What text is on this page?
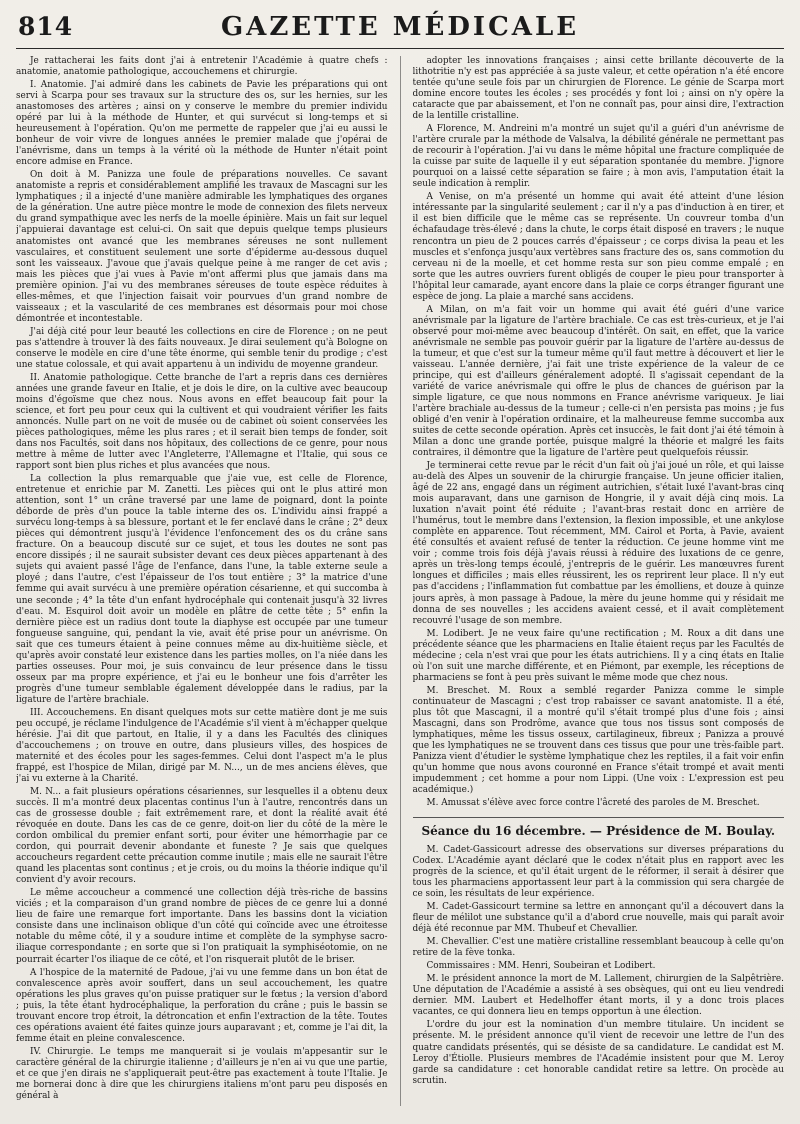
814	GAZETTE MÉDICALE

Je rattacherai les faits dont j'ai à entretenir l'Académie à quatre chefs : anatomie, anatomie pathologique, accouchemens et chirurgie.

I. Anatomie. J'ai admiré dans les cabinets de Pavie les préparations qui ont servi à Scarpa pour ses travaux sur la structure des os, sur les hernies, sur les anastomoses des artères ; ainsi on y conserve le membre du premier individu opéré par lui à la méthode de Hunter, et qui survécut si long-temps et si heureusement à l'opération. Qu'on me permette de rappeler que j'ai eu aussi le bonheur de voir vivre de longues années le premier malade que j'opérai de l'anévrisme, dans un temps à la vérité où la méthode de Hunter n'était point encore admise en France.

On doit à M. Panizza une foule de préparations nouvelles. Ce savant anatomiste a repris et considérablement amplifié les travaux de Mascagni sur les lymphatiques ; il a injecté d'une manière admirable les lymphatiques des organes de la génération. Une autre pièce montre le mode de connexion des filets nerveux du grand sympathique avec les nerfs de la moelle épinière. Mais un fait sur lequel j'appuierai davantage est celui-ci. On sait que depuis quelque temps plusieurs anatomistes ont avancé que les membranes séreuses ne sont nullement vasculaires, et constituent seulement une sorte d'épiderme au-dessous duquel sont les vaisseaux. J'avoue que j'avais quelque peine à me ranger de cet avis ; mais les pièces que j'ai vues à Pavie m'ont affermi plus que jamais dans ma première opinion. J'ai vu des membranes séreuses de toute espèce réduites à elles-mêmes, et que l'injection faisait voir pourvues d'un grand nombre de vaisseaux ; et la vascularité de ces membranes est désormais pour moi chose démontrée et incontestable.

J'ai déjà cité pour leur beauté les collections en cire de Florence ; on ne peut pas s'attendre à trouver là des faits nouveaux. Je dirai seulement qu'à Bologne on conserve le modèle en cire d'une tête énorme, qui semble tenir du prodige ; c'est une statue colossale, et qui avait appartenu à un individu de moyenne grandeur.

II. Anatomie pathologique. Cette branche de l'art a repris dans ces dernières années une grande faveur en Italie, et je dois le dire, on la cultive avec beaucoup moins d'égoïsme que chez nous. Nous avons en effet beaucoup fait pour la science, et fort peu pour ceux qui la cultivent et qui voudraient vérifier les faits annoncés. Nulle part on ne voit de musée ou de cabinet où soient conservées les pièces pathologiques, même les plus rares ; et il serait bien temps de fonder, soit dans nos Facultés, soit dans nos hôpitaux, des collections de ce genre, pour nous mettre à même de lutter avec l'Angleterre, l'Allemagne et l'Italie, qui sous ce rapport sont bien plus riches et plus avancées que nous.

La collection la plus remarquable que j'aie vue, est celle de Florence, entretenue et enrichie par M. Zanetti. Les pièces qui ont le plus attiré mon attention, sont 1° un crâne traversé par une lame de poignard, dont la pointe déborde de près d'un pouce la table interne des os. L'individu ainsi frappé a survécu long-temps à sa blessure, portant et le fer enclavé dans le crâne ; 2° deux pièces qui démontrent jusqu'à l'évidence l'enfoncement des os du crâne sans fracture. On a beaucoup discuté sur ce sujet, et tous les doutes ne sont pas encore dissipés ; il ne saurait subsister devant ces deux pièces appartenant à des sujets qui avaient passé l'âge de l'enfance, dans l'une, la table externe seule a ployé ; dans l'autre, c'est l'épaisseur de l'os tout entière ; 3° la matrice d'une femme qui avait survécu à une première opération césarienne, et qui succomba à une seconde ; 4° la tête d'un enfant hydrocéphale qui contenait jusqu'à 32 livres d'eau. M. Esquirol doit avoir un modèle en plâtre de cette tête ; 5° enfin la dernière pièce est un radius dont toute la diaphyse est occupée par une tumeur fongueuse sanguine, qui, pendant la vie, avait été prise pour un anévrisme. On sait que ces tumeurs étaient à peine connues même au dix-huitième siècle, et qu'après avoir constaté leur existence dans les parties molles, on l'a niée dans les parties osseuses. Pour moi, je suis convaincu de leur présence dans le tissu osseux par ma propre expérience, et j'ai eu le bonheur une fois d'arrêter les progrès d'une tumeur semblable également développée dans le radius, par la ligature de l'artère brachiale.

III. Accouchemens. En disant quelques mots sur cette matière dont je me suis peu occupé, je réclame l'indulgence de l'Académie s'il vient à m'échapper quelque hérésie. J'ai dit que partout, en Italie, il y a dans les Facultés des cliniques d'accouchemens ; on trouve en outre, dans plusieurs villes, des hospices de maternité et des écoles pour les sages-femmes. Celui dont l'aspect m'a le plus frappé, est l'hospice de Milan, dirigé par M. N..., un de mes anciens élèves, que j'ai vu externe à la Charité.

M. N... a fait plusieurs opérations césariennes, sur lesquelles il a obtenu deux succès. Il m'a montré deux placentas continus l'un à l'autre, rencontrés dans un cas de grossesse double ; fait extrêmement rare, et dont la réalité avait été révoquée en doute. Dans les cas de ce genre, doit-on lier du côté de la mère le cordon ombilical du premier enfant sorti, pour éviter une hémorrhagie par ce cordon, qui pourrait devenir abondante et funeste ? Je sais que quelques accoucheurs regardent cette précaution comme inutile ; mais elle ne saurait l'être quand les placentas sont continus ; et je crois, ou du moins la théorie indique qu'il convient d'y avoir recours.

Le même accoucheur a commencé une collection déjà très-riche de bassins viciés ; et la comparaison d'un grand nombre de pièces de ce genre lui a donné lieu de faire une remarque fort importante. Dans les bassins dont la viciation consiste dans une inclinaison oblique d'un côté qui coïncide avec une étroitesse notable du même côté, il y a soudure intime et complète de la symphyse sacro-iliaque correspondante ; en sorte que si l'on pratiquait la symphiséotomie, on ne pourrait écarter l'os iliaque de ce côté, et l'on risquerait plutôt de le briser.

A l'hospice de la maternité de Padoue, j'ai vu une femme dans un bon état de convalescence après avoir souffert, dans un seul accouchement, les quatre opérations les plus graves qu'on puisse pratiquer sur le fœtus ; la version d'abord ; puis, la tête étant hydrocéphalique, la perforation du crâne ; puis le bassin se trouvant encore trop étroit, la détroncation et enfin l'extraction de la tête. Toutes ces opérations avaient été faites quinze jours auparavant ; et, comme je l'ai dit, la femme était en pleine convalescence.

IV. Chirurgie. Le temps me manquerait si je voulais m'appesantir sur le caractère général de la chirurgie italienne ; d'ailleurs je n'en ai vu que une partie, et ce que j'en dirais ne s'appliquerait peut-être pas exactement à toute l'Italie. Je me bornerai donc à dire que les chirurgiens italiens m'ont paru peu disposés en général à

adopter les innovations françaises ; ainsi cette brillante découverte de la lithotritie n'y est pas appréciée à sa juste valeur, et cette opération n'a été encore tentée qu'une seule fois par un chirurgien de Florence. Le génie de Scarpa mort domine encore toutes les écoles ; ses procédés y font loi ; ainsi on n'y opère la cataracte que par abaissement, et l'on ne connaît pas, pour ainsi dire, l'extraction de la lentille cristalline.

A Florence, M. Andreini m'a montré un sujet qu'il a guéri d'un anévrisme de l'artère crurale par la méthode de Valsalva, la débilité générale ne permettant pas de recourir à l'opération. J'ai vu dans le même hôpital une fracture compliquée de la cuisse par suite de laquelle il y eut séparation spontanée du membre. J'ignore pourquoi on a laissé cette séparation se faire ; à mon avis, l'amputation était la seule indication à remplir.

A Venise, on m'a présenté un homme qui avait été atteint d'une lésion intéressante par la singularité seulement ; car il n'y a pas d'induction à en tirer, et il est bien difficile que le même cas se représente. Un couvreur tomba d'un échafaudage très-élevé ; dans la chute, le corps était disposé en travers ; le nuque rencontra un pieu de 2 pouces carrés d'épaisseur ; ce corps divisa la peau et les muscles et s'enfonça jusqu'aux vertèbres sans fracture des os, sans commotion du cerveau ni de la moelle, et cet homme resta sur son pieu comme empalé ; en sorte que les autres ouvriers furent obligés de couper le pieu pour transporter à l'hôpital leur camarade, ayant encore dans la plaie ce corps étranger figurant une espèce de jong. La plaie a marché sans accidens.

A Milan, on m'a fait voir un homme qui avait été guéri d'une varice anévrismale par la ligature de l'artère brachiale. Ce cas est très-curieux, et je l'ai observé pour moi-même avec beaucoup d'intérêt. On sait, en effet, que la varice anévrismale ne semble pas pouvoir guérir par la ligature de l'artère au-dessus de la tumeur, et que c'est sur la tumeur même qu'il faut mettre à découvert et lier le vaisseau. L'année dernière, j'ai fait une triste expérience de la valeur de ce principe, qui est d'ailleurs généralement adopté. Il s'agissait cependant de la variété de varice anévrismale qui offre le plus de chances de guérison par la simple ligature, ce que nous nommons en France anévrisme variqueux. Je liai l'artère brachiale au-dessus de la tumeur ; celle-ci n'en persista pas moins ; je fus obligé d'en venir à l'opération ordinaire, et la malheureuse femme succomba aux suites de cette seconde opération. Après cet insuccès, le fait dont j'ai été témoin à Milan a donc une grande portée, puisque malgré la théorie et malgré les faits contraires, il démontre que la ligature de l'artère peut quelquefois réussir.

Je terminerai cette revue par le récit d'un fait où j'ai joué un rôle, et qui laisse au-delà des Alpes un souvenir de la chirurgie française. Un jeune officier italien, âgé de 22 ans, engagé dans un régiment autrichien, s'était luxé l'avant-bras cinq mois auparavant, dans une garnison de Hongrie, il y avait déjà cinq mois. La luxation n'avait point été réduite ; l'avant-bras restait donc en arrière de l'humérus, tout le membre dans l'extension, la flexion impossible, et une ankylose complète en apparence. Tout récemment, MM. Cairol et Porta, à Pavie, avaient été consultés et avaient refusé de tenter la réduction. Ce jeune homme vint me voir ; comme trois fois déjà j'avais réussi à réduire des luxations de ce genre, après un très-long temps écoulé, j'entrepris de le guérir. Les manœuvres furent longues et difficiles ; mais elles réussirent, les os reprirent leur place. Il n'y eut pas d'accidens ; l'inflammation fut combattue par les émolliens, et douze à quinze jours après, à mon passage à Padoue, la mère du jeune homme qui y résidait me donna de ses nouvelles ; les accidens avaient cessé, et il avait complètement recouvré l'usage de son membre.

M. Lodibert. Je ne veux faire qu'une rectification ; M. Roux a dit dans une précédente séance que les pharmaciens en Italie étaient reçus par les Facultés de médecine ; cela n'est vrai que pour les états autrichiens. Il y a cinq états en Italie où l'on suit une marche différente, et en Piémont, par exemple, les réceptions de pharmaciens se font à peu près suivant le même mode que chez nous.

M. Breschet. M. Roux a semblé regarder Panizza comme le simple continuateur de Mascagni ; c'est trop rabaisser ce savant anatomiste. Il a été, plus tôt que Mascagni, il a montré qu'il s'était trompé plus d'une fois ; ainsi Mascagni, dans son Prodrôme, avance que tous nos tissus sont composés de lymphatiques, même les tissus osseux, cartilagineux, fibreux ; Panizza a prouvé que les lymphatiques ne se trouvent dans ces tissus que pour une très-faible part. Panizza vient d'étudier le système lymphatique chez les reptiles, il a fait voir enfin qu'un homme que nous avons couronné en France s'était trompé et avait menti impudemment ; cet homme a pour nom Lippi. (Une voix : L'expression est peu académique.)

M. Amussat s'élève avec force contre l'âcreté des paroles de M. Breschet.

Séance du 16 décembre. — Présidence de M. Boulay.

M. Cadet-Gassicourt adresse des observations sur diverses préparations du Codex. L'Académie ayant déclaré que le codex n'était plus en rapport avec les progrès de la science, et qu'il était urgent de le réformer, il serait à désirer que tous les pharmaciens apportassent leur part à la commission qui sera chargée de ce soin, les résultats de leur expérience.

M. Cadet-Gassicourt termine sa lettre en annonçant qu'il a découvert dans la fleur de mélilot une substance qu'il a d'abord crue nouvelle, mais qui paraît avoir déjà été reconnue par MM. Thubeuf et Chevallier.

M. Chevallier. C'est une matière cristalline ressemblant beaucoup à celle qu'on retire de la fève tonka.

Commissaires : MM. Henri, Soubeiran et Lodibert.

M. le président annonce la mort de M. Lallement, chirurgien de la Salpêtrière. Une députation de l'Académie a assisté à ses obsèques, qui ont eu lieu vendredi dernier. MM. Laubert et Hedelhoffer étant morts, il y a donc trois places vacantes, ce qui donnera lieu en temps opportun à une élection.

L'ordre du jour est la nomination d'un membre titulaire. Un incident se présente. M. le président annonce qu'il vient de recevoir une lettre de l'un des quatre candidats présentés, qui se désiste de sa candidature. Le candidat est M. Leroy d'Étiolle. Plusieurs membres de l'Académie insistent pour que M. Leroy garde sa candidature : cet honorable candidat retire sa lettre. On procède au scrutin.
